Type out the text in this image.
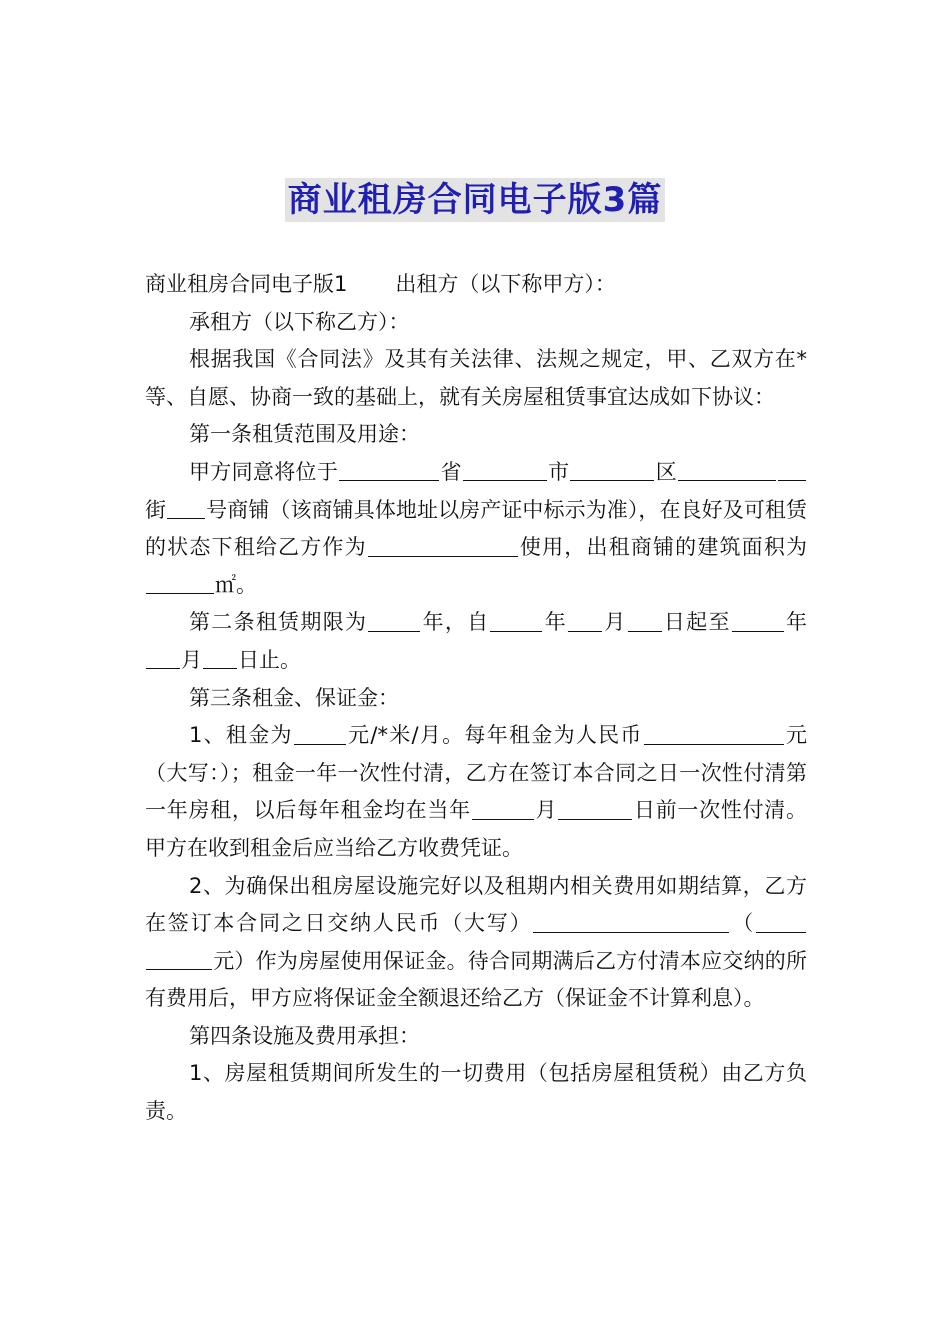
商业租房合同电子版3篇

商业租房合同电子版1 出租方（以下称甲方）：

承租方（以下称乙方）：

根据我国《合同法》及其有关法律、法规之规定，甲、乙双方在*等、自愿、协商一致的基础上，就有关房屋租赁事宜达成如下协议：

第一条租赁范围及用途：

甲方同意将位于	省	市	区街 号商铺（该商铺具体地址以房产证中标示为准），在良好及可租赁的状态下租给乙方作为	使用，出租商铺的建筑面积为㎡。

第二条租赁期限为	年，自	年 月 日起至	年月 日止。

第三条租金、保证金：

1、租金为	元/*米/月。每年租金为人民币	元（大写：）；租金一年一次性付清，乙方在签订本合同之日一次性付清第一年房租，以后每年租金均在当年	月	日前一次性付清。甲方在收到租金后应当给乙方收费凭证。

2、为确保出租房屋设施完好以及租期内相关费用如期结算，乙方在签订本合同之日交纳人民币（大写）	（元）作为房屋使用保证金。待合同期满后乙方付清本应交纳的所有费用后，甲方应将保证金全额退还给乙方（保证金不计算利息）。

第四条设施及费用承担：

1、房屋租赁期间所发生的一切费用（包括房屋租赁税）由乙方负责。
